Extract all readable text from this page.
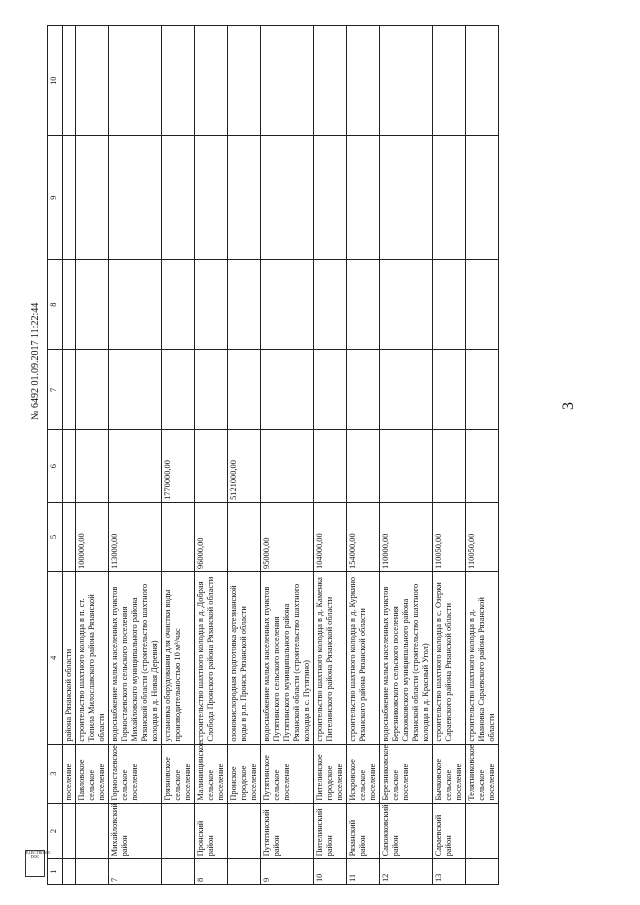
ELECTRONIC
DOC
3
№ 6492 01.09.2017 11:22:44
1	2	3	4	5	6	7	8	9	10
		поселение	района Рязанской области						
		Павловское сельское поселение	строительство шахтного колодца в п. ст. Топила Милославского района Рязанской области	100000,00					
7	Михайловский район	Горностаевское сельское поселение	водоснабжение малых населенных пунктов Горностаевского сельского поселения Михайловского муниципального района Рязанской области (строительство шахтного колодца в д. Новая Деревня)	113000,00					
		Грязновское сельское поселение	установка оборудования для очистки воды производительностью 10 м³/час		1770000,00				
8	Пронский район	Малинищинское сельское поселение	строительство шахтного колодца в д. Добрая Слобода Пронского района Рязанской области	96000,00					
		Пронское городское поселение	озонокислородная подготовка артезианской воды в р.п. Пронск Рязанской области		5121000,00				
9	Путятинский район	Путятинское сельское поселение	водоснабжение малых населенных пунктов Путятинского сельского поселения Путятинского муниципального района Рязанской области (строительство шахтного колодца в с. Путятино)	95000,00					
10	Пителинский район	Пителинское городское поселение	строительство шахтного колодца в д. Каменка Пителинского района Рязанской области	104000,00					
11	Рязанский район	Искровское сельское поселение	строительство шахтного колодца в д. Куркино Рязанского района Рязанской области	154000,00					
12	Сапожковский район	Березниковское сельское поселение	водоснабжение малых населенных пунктов Березниковского сельского поселения Сапожковского муниципального района Рязанской области (строительство шахтного колодца в д. Красный Угол)	110000,00					
13	Сараевский район	Бычковское сельское поселение	строительство шахтного колодца в с. Озерки Сараевского района Рязанской области	110050,00					
		Телятниковское сельское поселение	строительство шахтного колодца в д. Ивановка Сараевского района Рязанской области	110050,00					
